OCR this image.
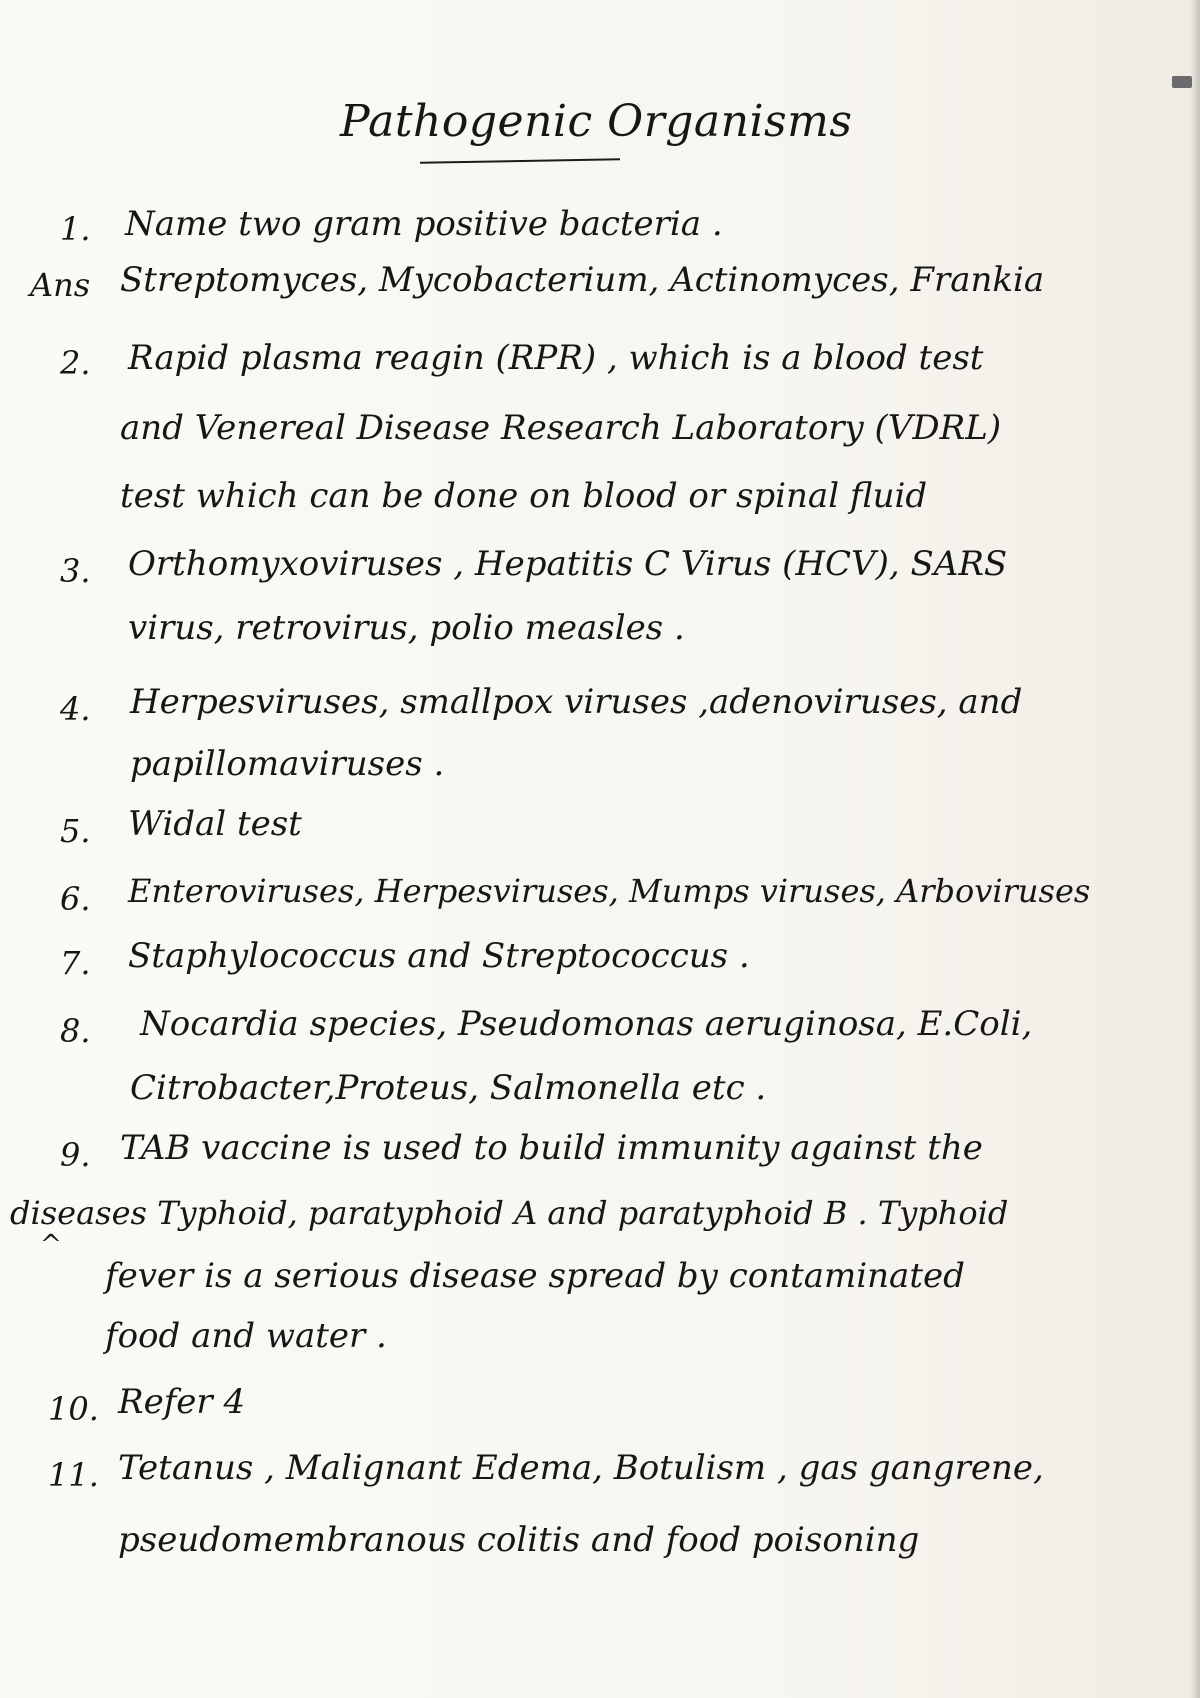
Pathogenic Organisms
1. Name two gram positive bacteria .
Ans Streptomyces, Mycobacterium, Actinomyces, Frankia
2. Rapid plasma reagin (RPR) , which is a blood test
and Venereal Disease Research Laboratory (VDRL)
test which can be done on blood or spinal fluid
3. Orthomyxoviruses , Hepatitis C Virus (HCV), SARS
virus, retrovirus, polio measles .
4. Herpesviruses, smallpox viruses ,adenoviruses, and
papillomaviruses .
5. Widal test
6. Enteroviruses, Herpesviruses, Mumps viruses, Arboviruses
7. Staphylococcus and Streptococcus .
8. Nocardia species, Pseudomonas aeruginosa, E.Coli,
Citrobacter,Proteus, Salmonella etc .
9. TAB vaccine is used to build immunity against the
diseases Typhoid, paratyphoid A and paratyphoid B . Typhoid
fever is a serious disease spread by contaminated
food and water .
^
10. Refer 4
11. Tetanus , Malignant Edema, Botulism , gas gangrene,
pseudomembranous colitis and food poisoning
